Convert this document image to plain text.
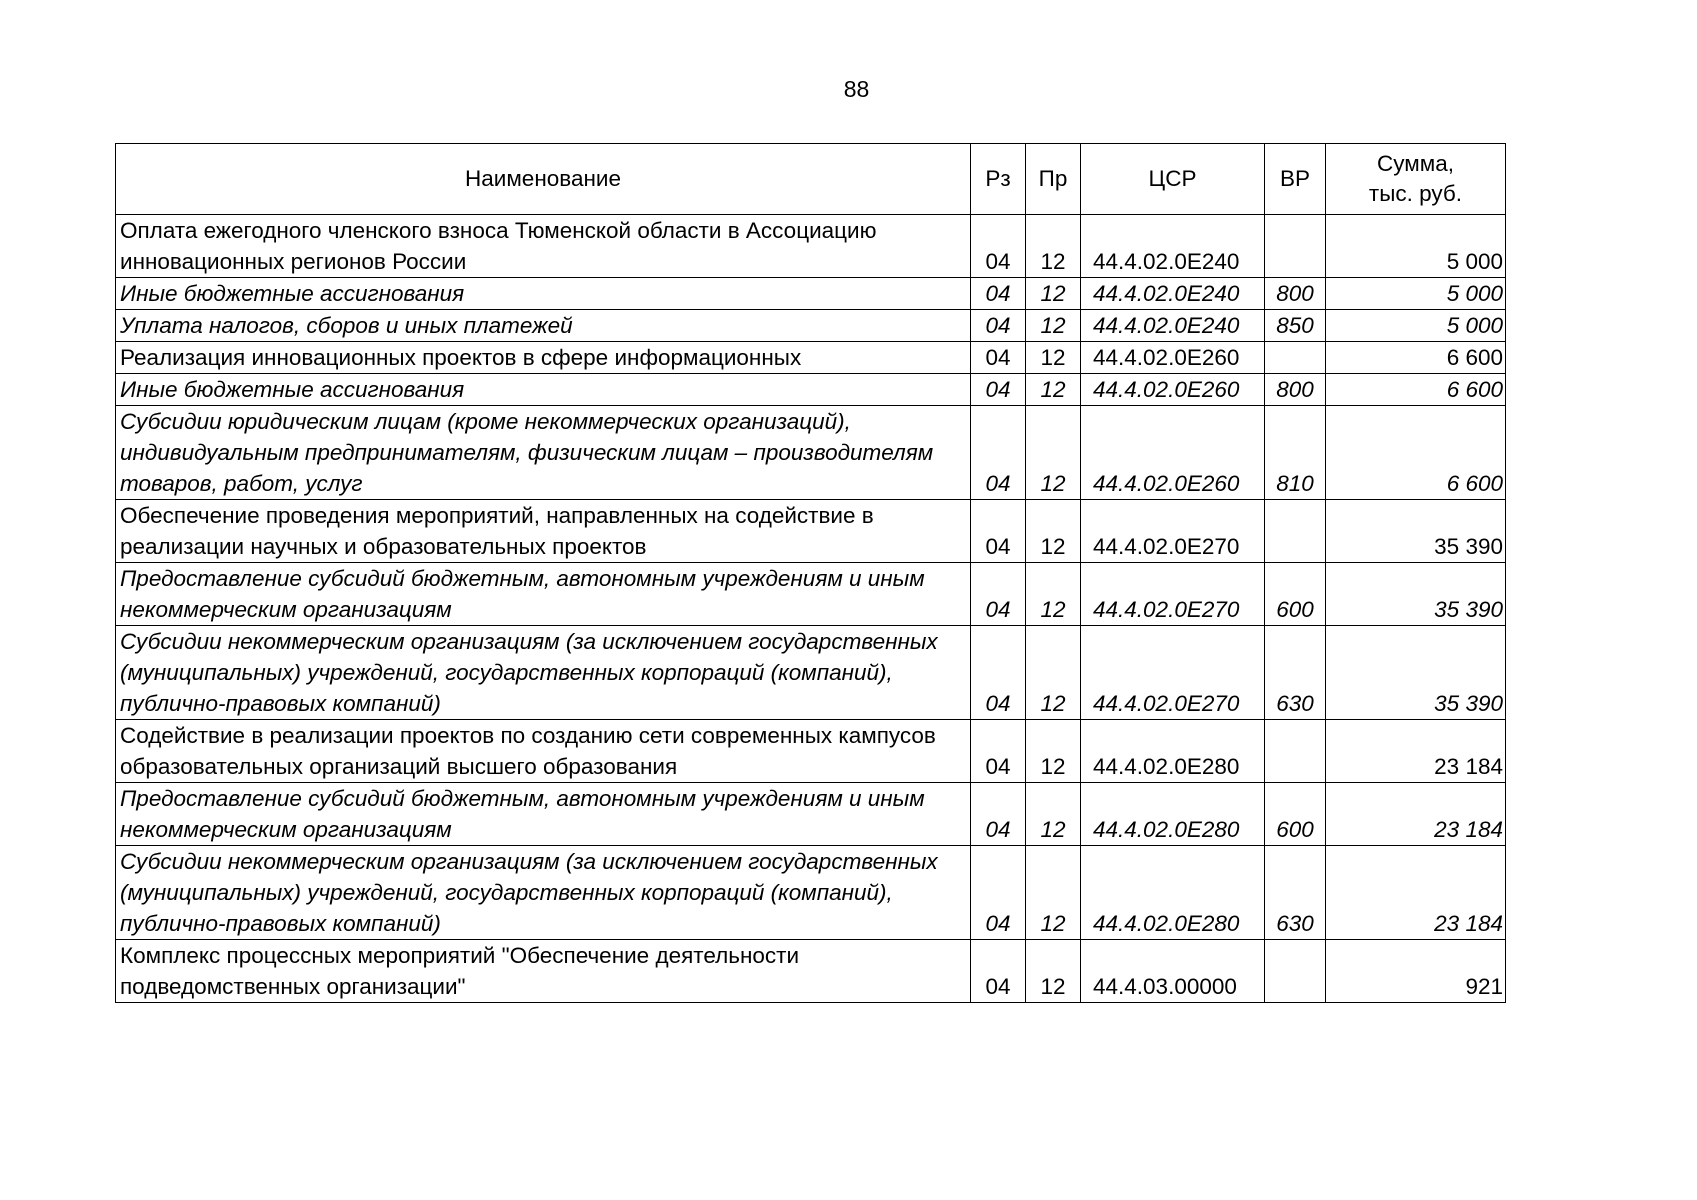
88
Наименование	Рз	Пр	ЦСР	ВР	Сумма,
тыс. руб.
Оплата ежегодного членского взноса Тюменской области в Ассоциацию инновационных регионов России	04	12	44.4.02.0Е240		5 000
Иные бюджетные ассигнования	04	12	44.4.02.0Е240	800	5 000
Уплата налогов, сборов и иных платежей	04	12	44.4.02.0Е240	850	5 000
Реализация инновационных проектов в сфере информационных	04	12	44.4.02.0Е260		6 600
Иные бюджетные ассигнования	04	12	44.4.02.0Е260	800	6 600
Субсидии юридическим лицам (кроме некоммерческих организаций), индивидуальным предпринимателям, физическим лицам – производителям товаров, работ, услуг	04	12	44.4.02.0Е260	810	6 600
Обеспечение проведения мероприятий, направленных на содействие в реализации научных и образовательных проектов	04	12	44.4.02.0Е270		35 390
Предоставление субсидий бюджетным, автономным учреждениям и иным некоммерческим организациям	04	12	44.4.02.0Е270	600	35 390
Субсидии некоммерческим организациям (за исключением государственных (муниципальных) учреждений, государственных корпораций (компаний), публично-правовых компаний)	04	12	44.4.02.0Е270	630	35 390
Содействие в реализации проектов по созданию сети современных кампусов образовательных организаций высшего образования	04	12	44.4.02.0Е280		23 184
Предоставление субсидий бюджетным, автономным учреждениям и иным некоммерческим организациям	04	12	44.4.02.0Е280	600	23 184
Субсидии некоммерческим организациям (за исключением государственных (муниципальных) учреждений, государственных корпораций (компаний), публично-правовых компаний)	04	12	44.4.02.0Е280	630	23 184
Комплекс процессных мероприятий "Обеспечение деятельности подведомственных организации"	04	12	44.4.03.00000		921
